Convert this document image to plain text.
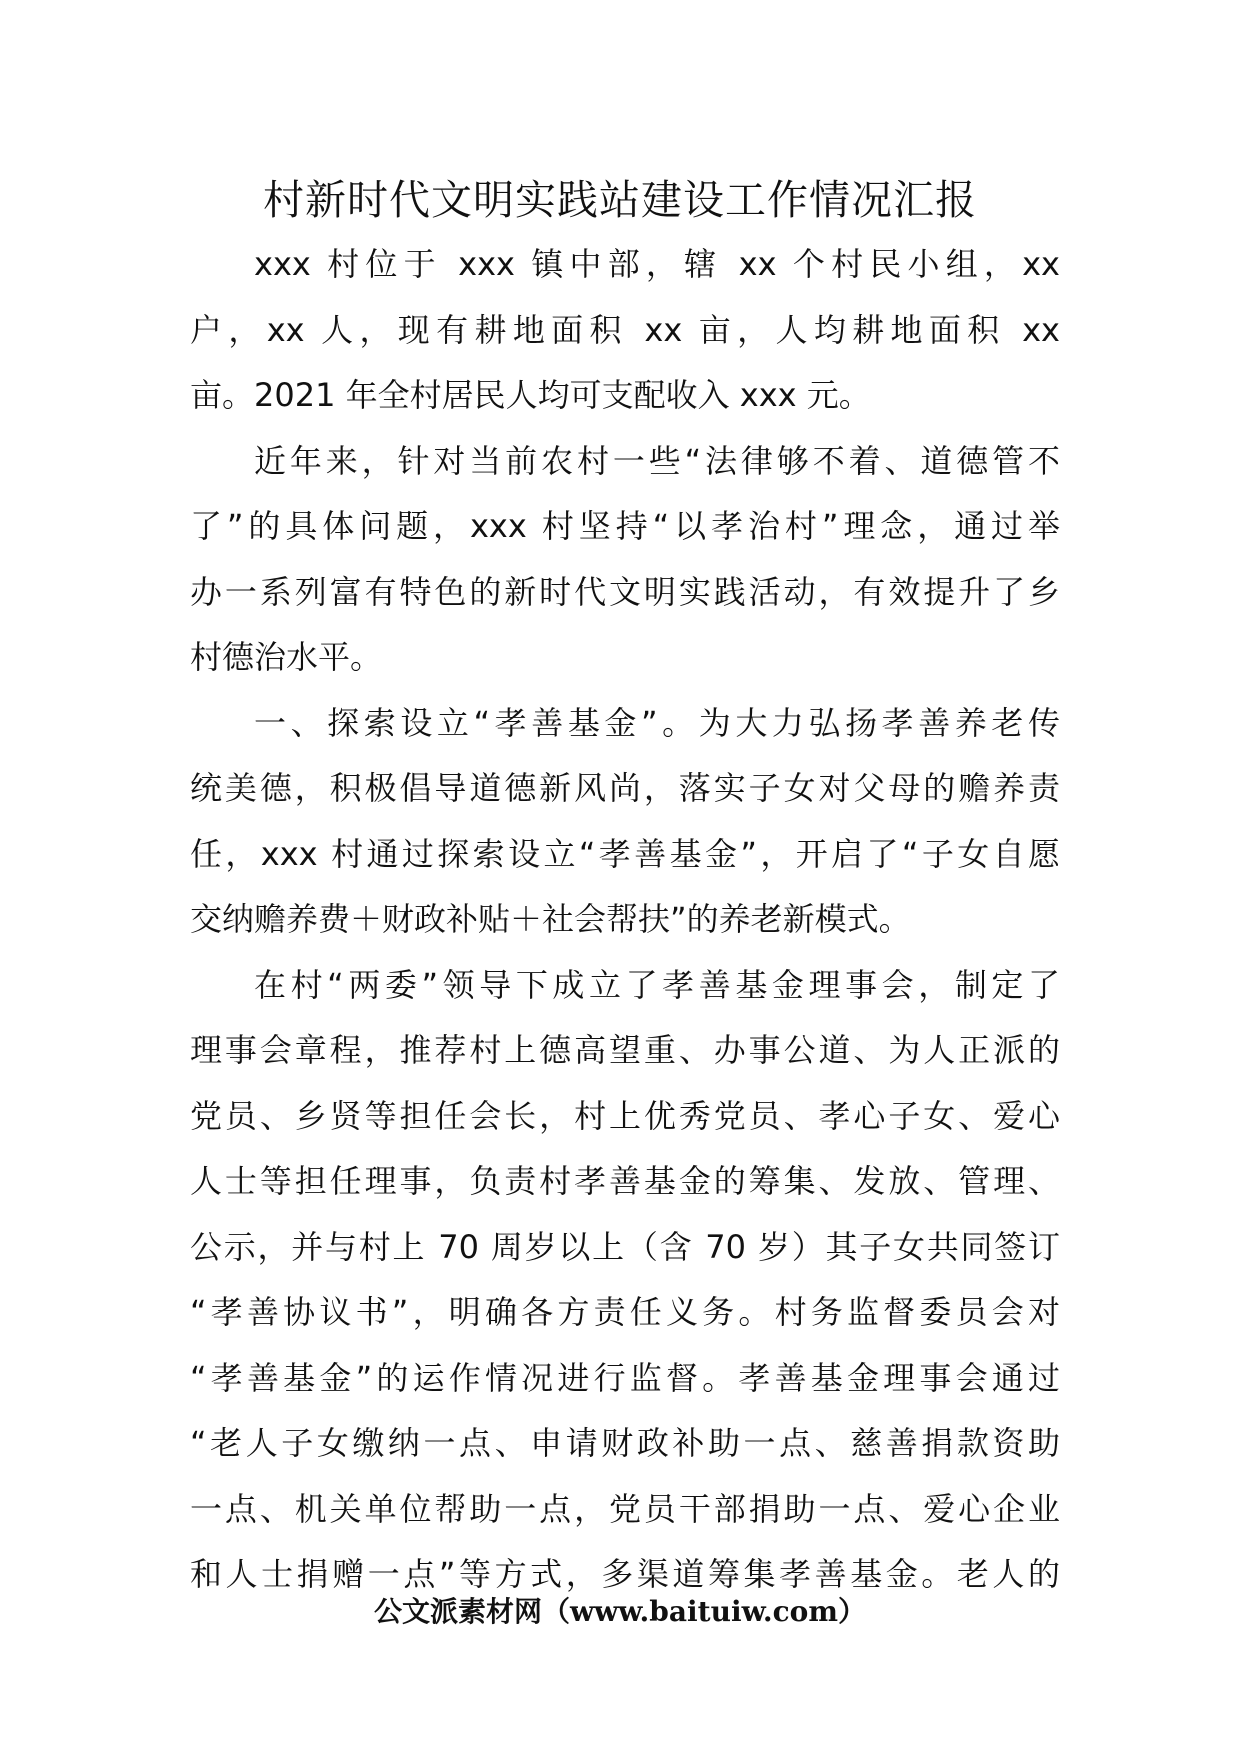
村新时代文明实践站建设工作情况汇报
xxx 村位于 xxx 镇中部，辖 xx 个村民小组，xx
户，xx 人，现有耕地面积 xx 亩，人均耕地面积 xx
亩。2021 年全村居民人均可支配收入 xxx 元。
近年来，针对当前农村一些“法律够不着、道德管不
了”的具体问题，xxx 村坚持“以孝治村”理念，通过举
办一系列富有特色的新时代文明实践活动，有效提升了乡
村德治水平。
一、探索设立“孝善基金”。为大力弘扬孝善养老传
统美德，积极倡导道德新风尚，落实子女对父母的赡养责
任，xxx 村通过探索设立“孝善基金”，开启了“子女自愿
交纳赡养费＋财政补贴＋社会帮扶”的养老新模式。
在村“两委”领导下成立了孝善基金理事会，制定了
理事会章程，推荐村上德高望重、办事公道、为人正派的
党员、乡贤等担任会长，村上优秀党员、孝心子女、爱心
人士等担任理事，负责村孝善基金的筹集、发放、管理、
公示，并与村上 70 周岁以上（含 70 岁）其子女共同签订
“孝善协议书”，明确各方责任义务。村务监督委员会对
“孝善基金”的运作情况进行监督。孝善基金理事会通过
“老人子女缴纳一点、申请财政补助一点、慈善捐款资助
一点、机关单位帮助一点，党员干部捐助一点、爱心企业
和人士捐赠一点”等方式，多渠道筹集孝善基金。老人的
公文派素材网（www.baituiw.com）
